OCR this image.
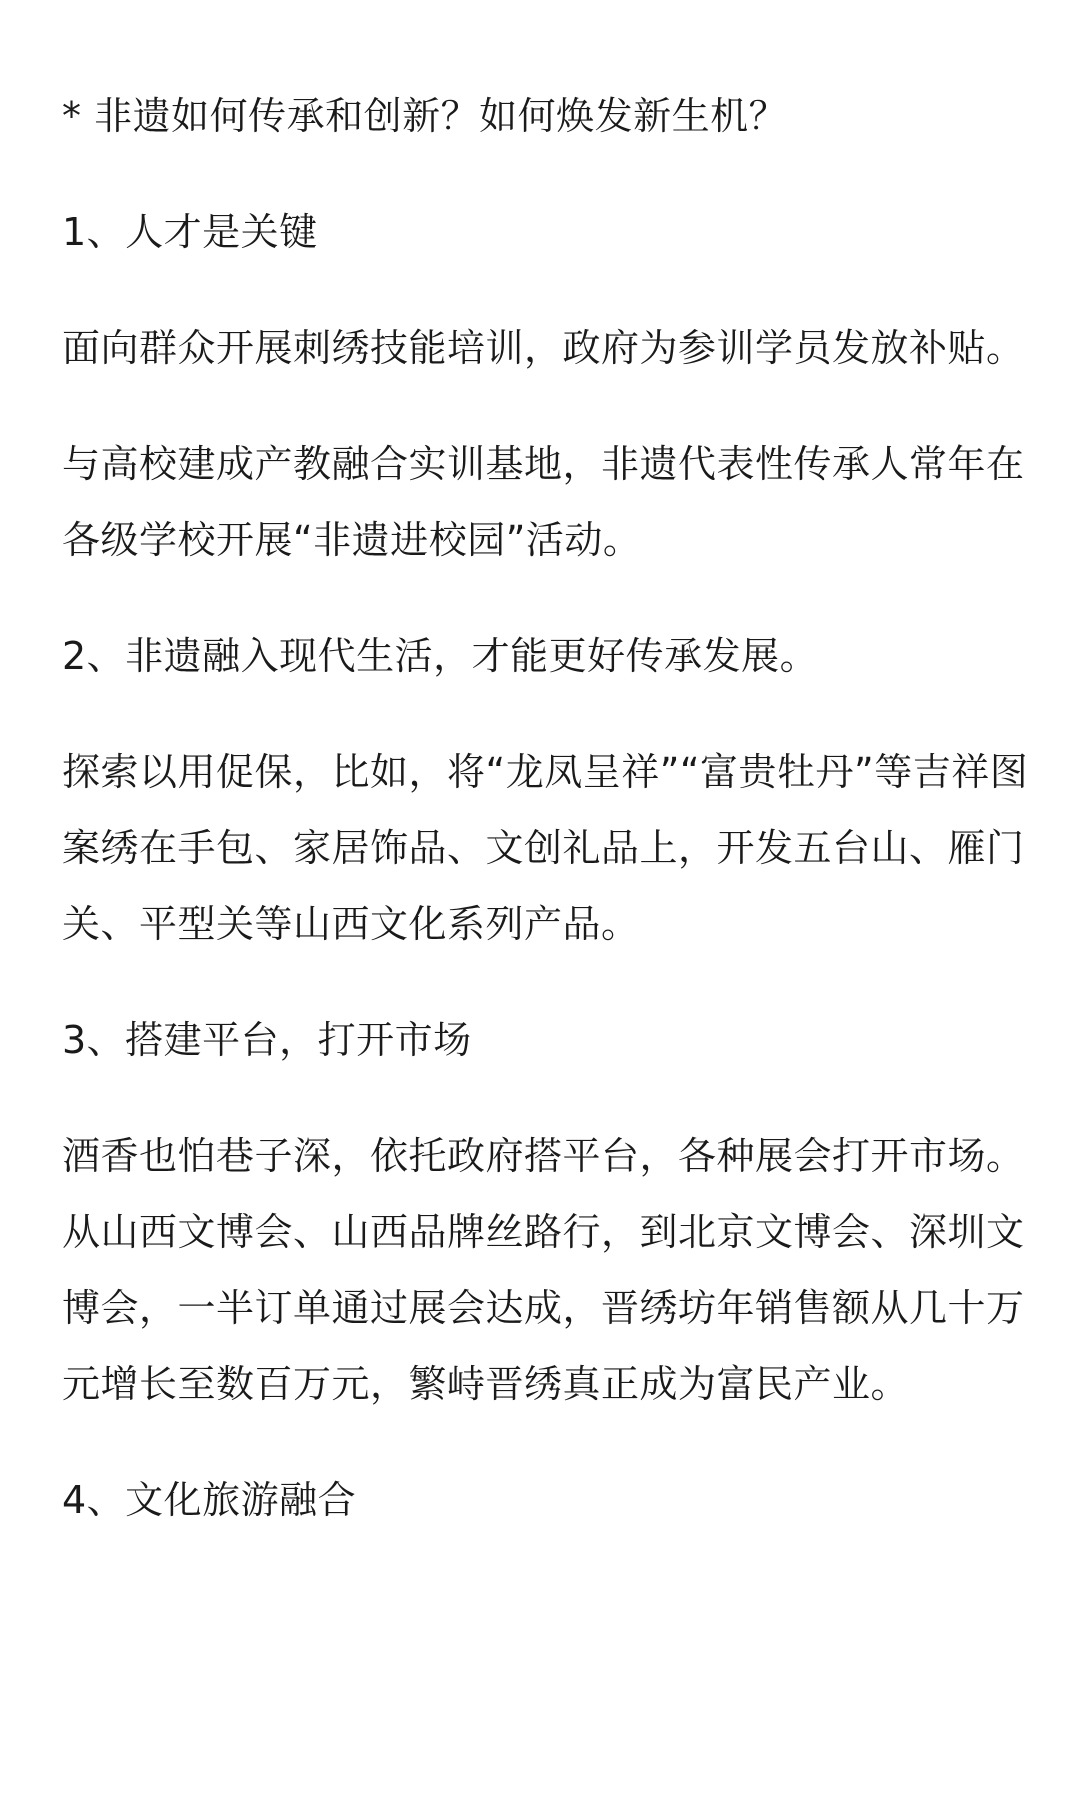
* 非遗如何传承和创新？如何焕发新生机？

1、人才是关键

面向群众开展刺绣技能培训，政府为参训学员发放补贴。

与高校建成产教融合实训基地，非遗代表性传承人常年在各级学校开展“非遗进校园”活动。

2、非遗融入现代生活，才能更好传承发展。

探索以用促保，比如，将“龙凤呈祥”“富贵牡丹”等吉祥图案绣在手包、家居饰品、文创礼品上，开发五台山、雁门关、平型关等山西文化系列产品。

3、搭建平台，打开市场

酒香也怕巷子深，依托政府搭平台，各种展会打开市场。从山西文博会、山西品牌丝路行，到北京文博会、深圳文博会，一半订单通过展会达成，晋绣坊年销售额从几十万元增长至数百万元，繁峙晋绣真正成为富民产业。

4、文化旅游融合
